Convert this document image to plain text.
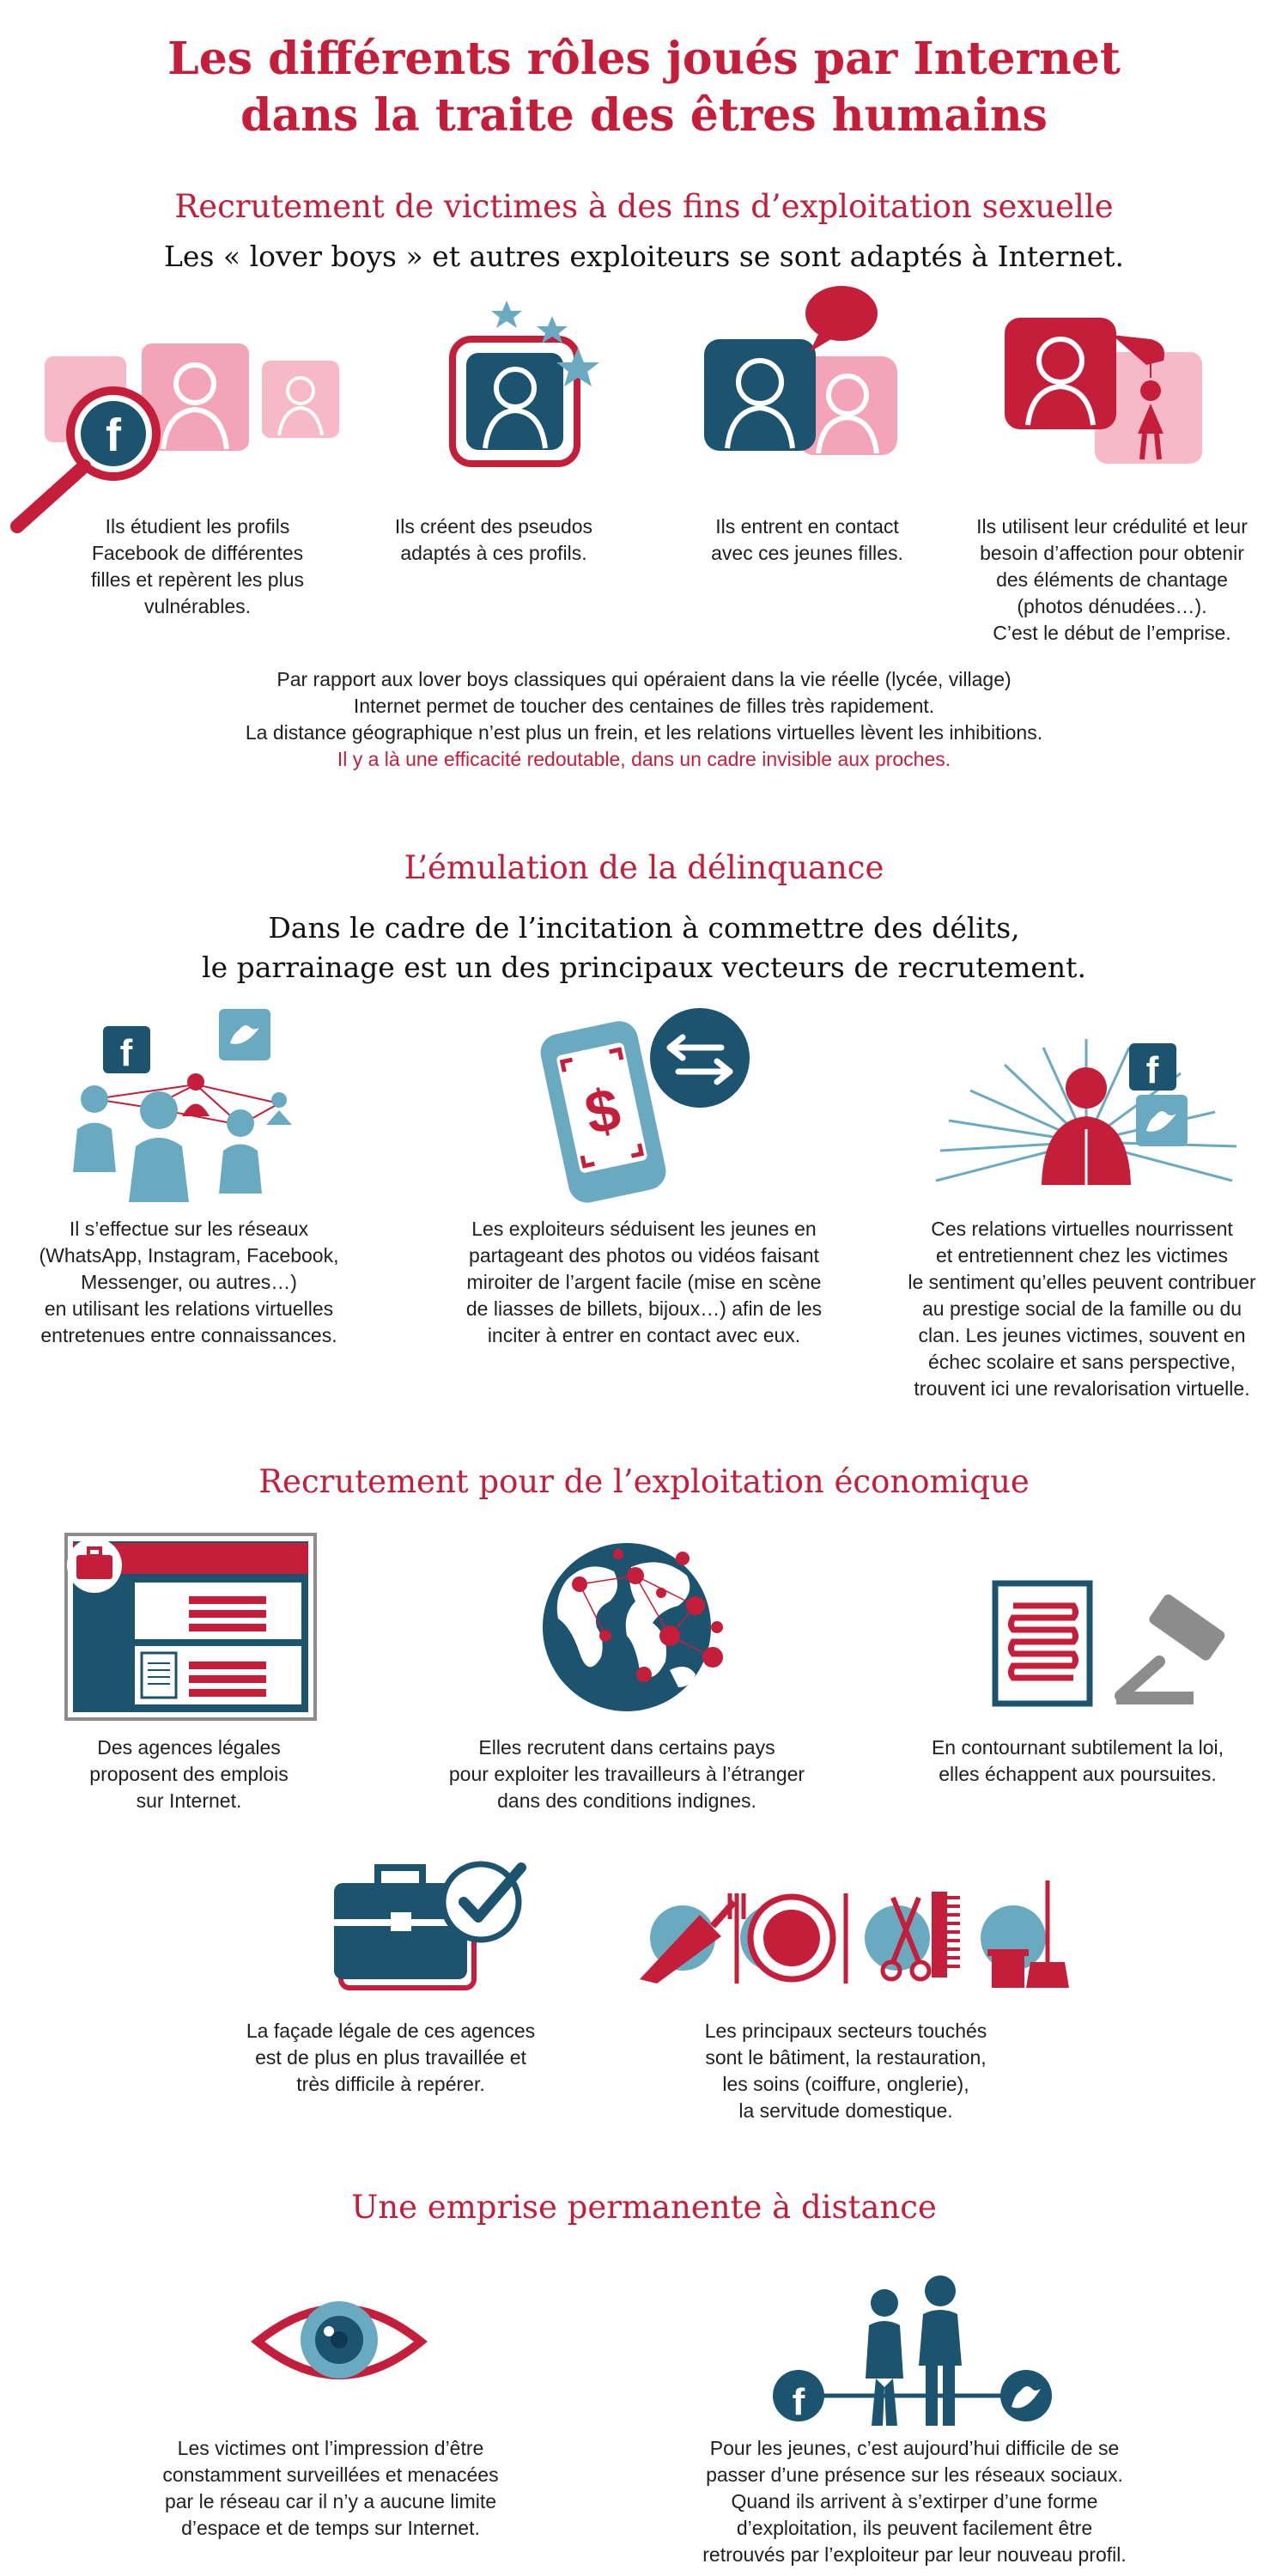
Les différents rôles joués par Internet
dans la traite des êtres humains
Recrutement de victimes à des fins d’exploitation sexuelle
Les « lover boys » et autres exploiteurs se sont adaptés à Internet.
f
Ils étudient les profils
Facebook de différentes
filles et repèrent les plus
vulnérables.
Ils créent des pseudos
adaptés à ces profils.
Ils entrent en contact
avec ces jeunes filles.
Ils utilisent leur crédulité et leur
besoin d’affection pour obtenir
des éléments de chantage
(photos dénudées…).
C’est le début de l’emprise.
Par rapport aux lover boys classiques qui opéraient dans la vie réelle (lycée, village)
Internet permet de toucher des centaines de filles très rapidement.
La distance géographique n’est plus un frein, et les relations virtuelles lèvent les inhibitions.
Il y a là une efficacité redoutable, dans un cadre invisible aux proches.
L’émulation de la délinquance
Dans le cadre de l’incitation à commettre des délits,
le parrainage est un des principaux vecteurs de recrutement.
f
$
f
Il s’effectue sur les réseaux
(WhatsApp, Instagram, Facebook,
Messenger, ou autres…)
en utilisant les relations virtuelles
entretenues entre connaissances.
Les exploiteurs séduisent les jeunes en
partageant des photos ou vidéos faisant
miroiter de l’argent facile (mise en scène
de liasses de billets, bijoux…) afin de les
inciter à entrer en contact avec eux.
Ces relations virtuelles nourrissent
et entretiennent chez les victimes
le sentiment qu’elles peuvent contribuer
au prestige social de la famille ou du
clan. Les jeunes victimes, souvent en
échec scolaire et sans perspective,
trouvent ici une revalorisation virtuelle.
Recrutement pour de l’exploitation économique
Des agences légales
proposent des emplois
sur Internet.
Elles recrutent dans certains pays
pour exploiter les travailleurs à l’étranger
dans des conditions indignes.
En contournant subtilement la loi,
elles échappent aux poursuites.
La façade légale de ces agences
est de plus en plus travaillée et
très difficile à repérer.
Les principaux secteurs touchés
sont le bâtiment, la restauration,
les soins (coiffure, onglerie),
la servitude domestique.
Une emprise permanente à distance
f
Les victimes ont l’impression d’être
constamment surveillées et menacées
par le réseau car il n’y a aucune limite
d’espace et de temps sur Internet.
Pour les jeunes, c’est aujourd’hui difficile de se
passer d’une présence sur les réseaux sociaux.
Quand ils arrivent à s’extirper d’une forme
d’exploitation, ils peuvent facilement être
retrouvés par l’exploiteur par leur nouveau profil.
